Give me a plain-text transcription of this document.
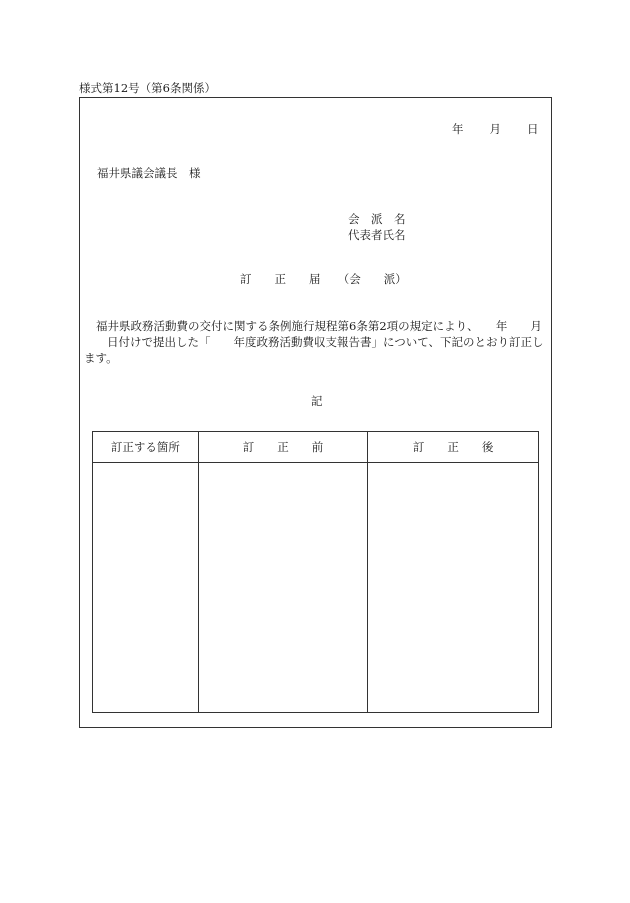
様式第12号（第6条関係）
年 月 日
福井県議会議長　様
会　派　名
代表者氏名
訂　　正　　届　　（会　　派）
福井県政務活動費の交付に関する条例施行規程第6条第2項の規定により、　　年　　月
　　日付けで提出した「　　年度政務活動費収支報告書」について、下記のとおり訂正し
ます。
記
訂正する箇所	訂　　正　　前	訂　　正　　後
